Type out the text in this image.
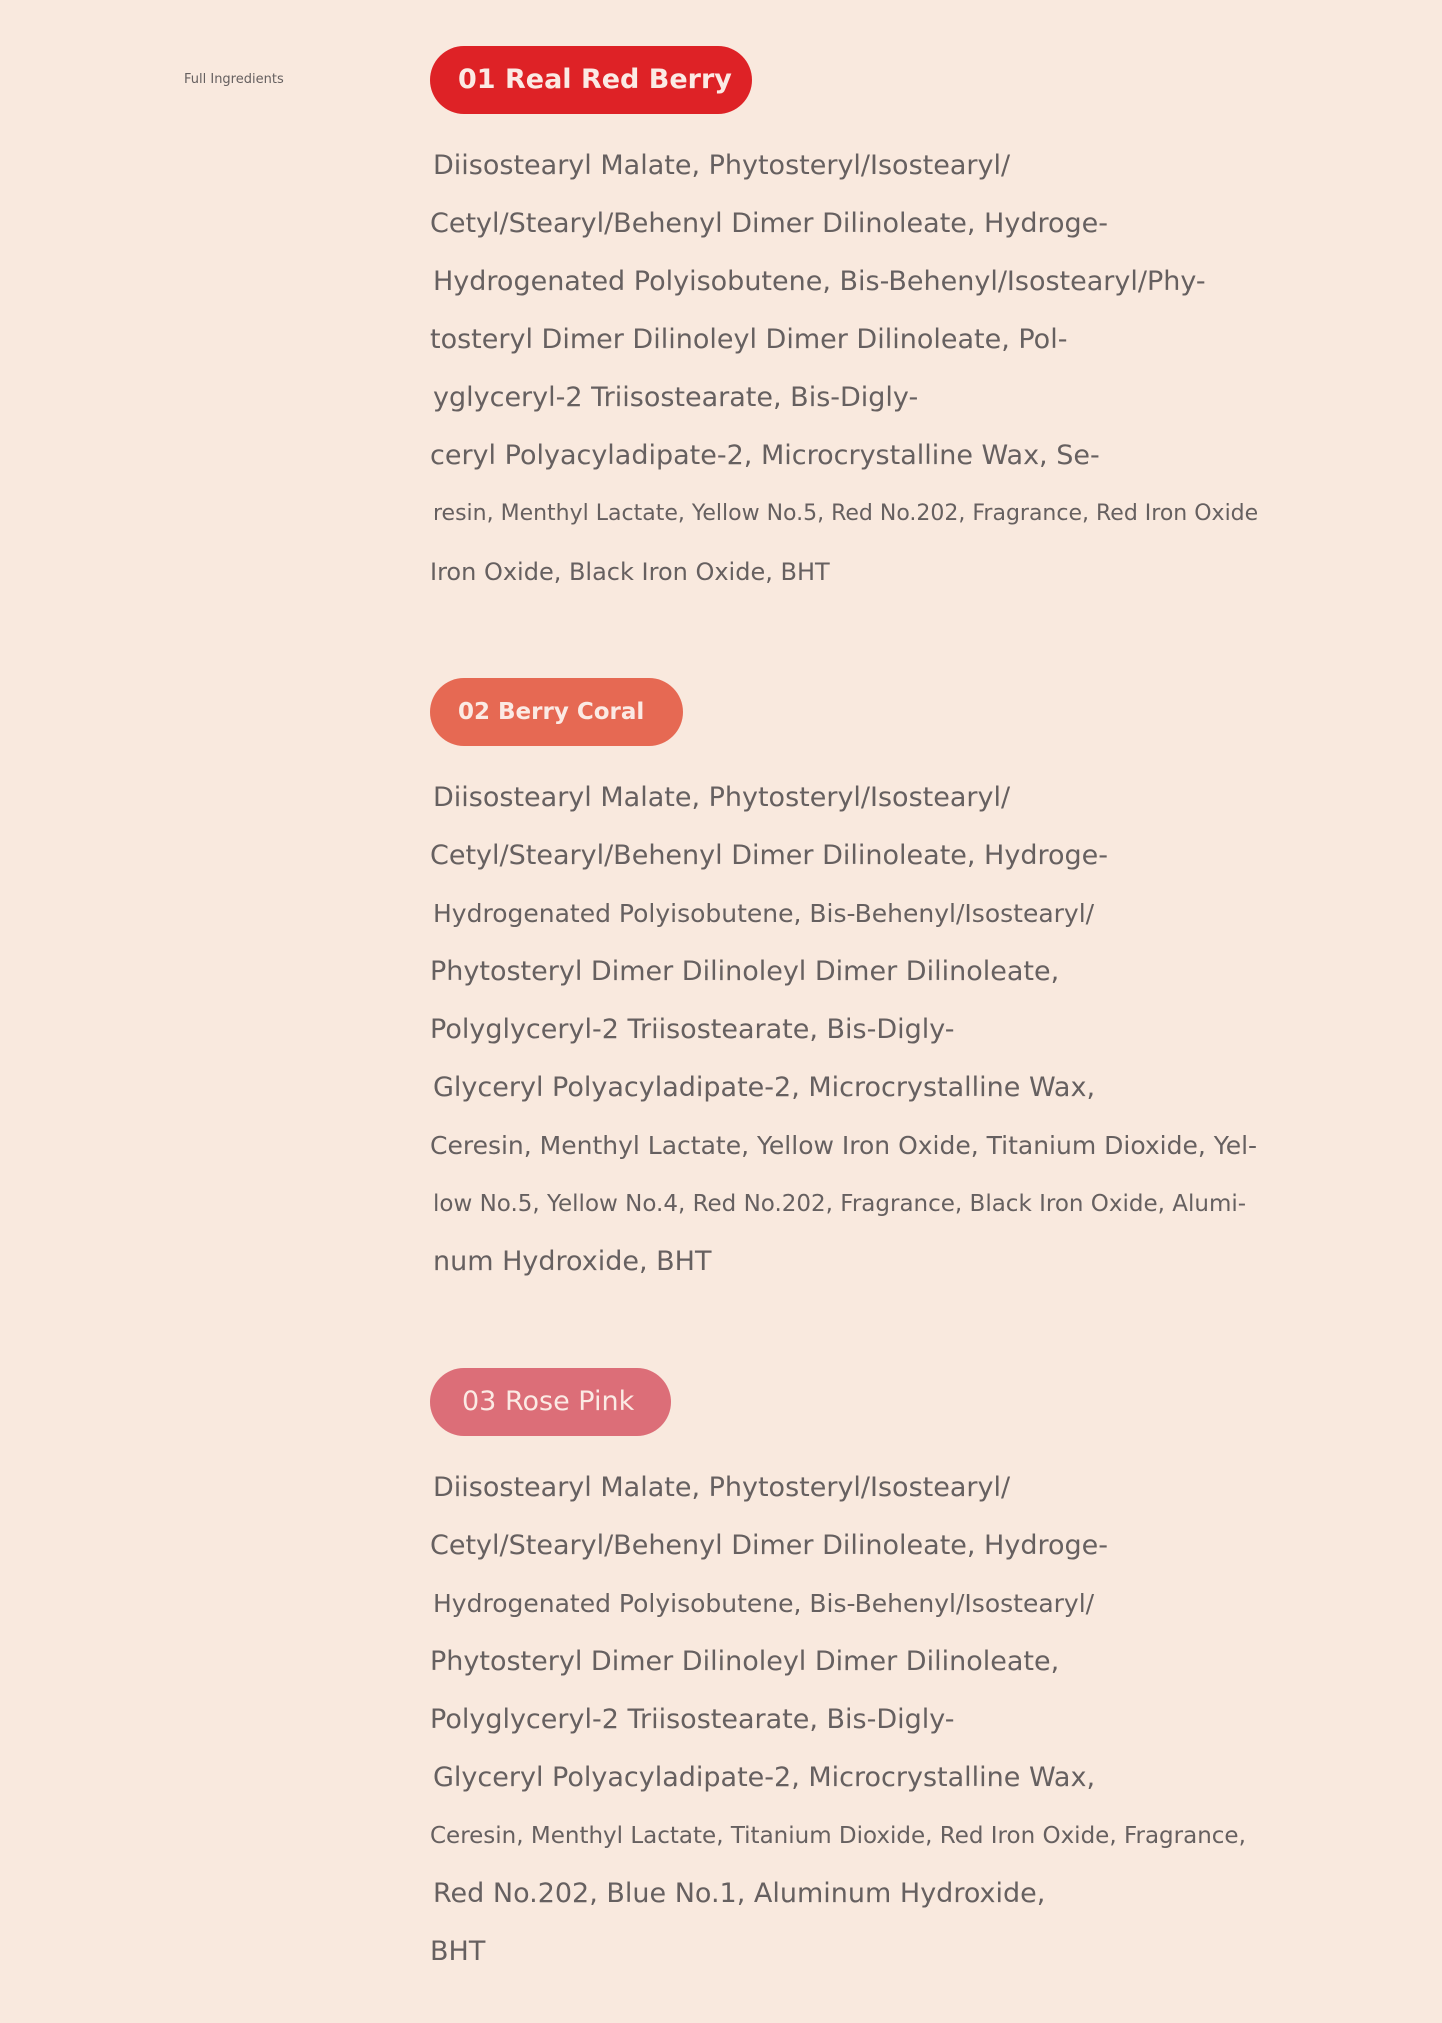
Full Ingredients	01 Real Red Berry
Diisostearyl Malate, Phytosteryl/Isostearyl/
Cetyl/Stearyl/Behenyl Dimer Dilinoleate, Hydroge-
Hydrogenated Polyisobutene, Bis-Behenyl/Isostearyl/Phy-
tosteryl Dimer Dilinoleyl Dimer Dilinoleate, Pol-
yglyceryl-2 Triisostearate, Bis-Digly-
ceryl Polyacyladipate-2, Microcrystalline Wax, Se-
resin, Menthyl Lactate, Yellow No.5, Red No.202, Fragrance, Red Iron Oxide
Iron Oxide, Black Iron Oxide, BHT
02 Berry Coral
Diisostearyl Malate, Phytosteryl/Isostearyl/
Cetyl/Stearyl/Behenyl Dimer Dilinoleate, Hydroge-
Hydrogenated Polyisobutene, Bis-Behenyl/Isostearyl/
Phytosteryl Dimer Dilinoleyl Dimer Dilinoleate,
Polyglyceryl-2 Triisostearate, Bis-Digly-
Glyceryl Polyacyladipate-2, Microcrystalline Wax,
Ceresin, Menthyl Lactate, Yellow Iron Oxide, Titanium Dioxide, Yel-
low No.5, Yellow No.4, Red No.202, Fragrance, Black Iron Oxide, Alumi-
num Hydroxide, BHT
03 Rose Pink
Diisostearyl Malate, Phytosteryl/Isostearyl/
Cetyl/Stearyl/Behenyl Dimer Dilinoleate, Hydroge-
Hydrogenated Polyisobutene, Bis-Behenyl/Isostearyl/
Phytosteryl Dimer Dilinoleyl Dimer Dilinoleate,
Polyglyceryl-2 Triisostearate, Bis-Digly-
Glyceryl Polyacyladipate-2, Microcrystalline Wax,
Ceresin, Menthyl Lactate, Titanium Dioxide, Red Iron Oxide, Fragrance,
Red No.202, Blue No.1, Aluminum Hydroxide,
BHT
